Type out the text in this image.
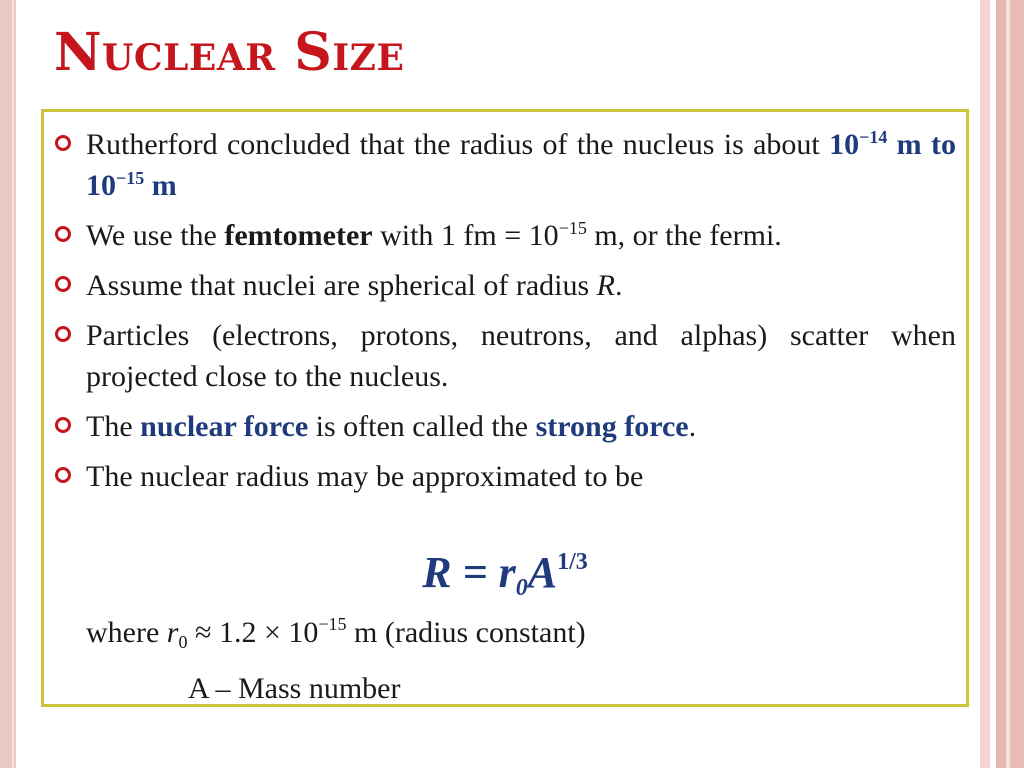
Nuclear Size
Rutherford concluded that the radius of the nucleus is about $10^{-14}$ m to $10^{-15}$ m
We use the femtometer with 1 fm = $10^{-15}$ m, or the fermi.
Assume that nuclei are spherical of radius R.
Particles (electrons, protons, neutrons, and alphas) scatter when projected close to the nucleus.
The nuclear force is often called the strong force.
The nuclear radius may be approximated to be
$R = r_0A^{1/3}$
where $r_0 \approx 1.2 \times 10^{-15}$ m (radius constant)
A – Mass number
